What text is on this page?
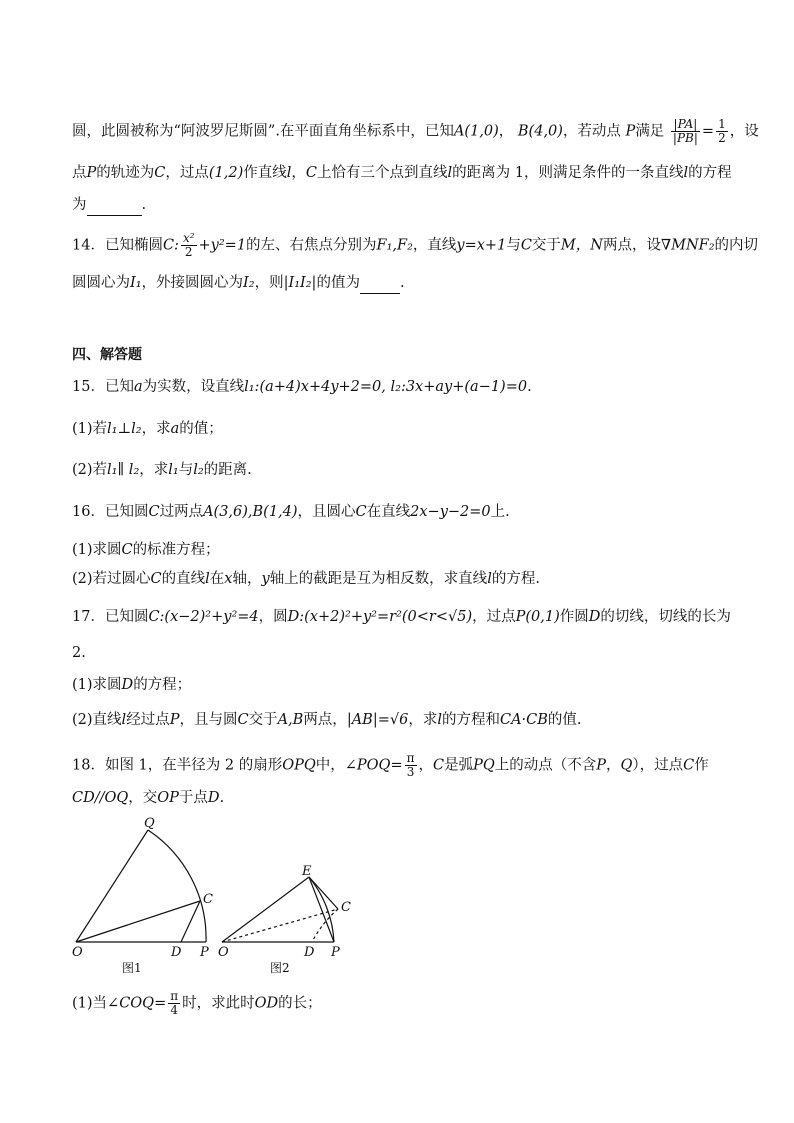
圆，此圆被称为“阿波罗尼斯圆”.在平面直角坐标系中，已知A(1,0)， B(4,0)，若动点 P满足 $\frac{|PA|}{|PB|} = \frac{1}{2}$ ，设
点P的轨迹为C，过点(1,2)作直线l，C上恰有三个点到直线l的距离为 1，则满足条件的一条直线l的方程
为	.
14．已知椭圆C: $\frac{\text{x²}}{2} +y^2=1$的左、右焦点分别为F₁,F₂，直线y=x+1与C交于M，N两点，设∇MNF₂的内切
圆圆心为I₁，外接圆圆心为I₂，则|I₁I₂|的值为	.
四、解答题
15．已知a为实数，设直线l₁:(a+4)x+4y+2=0, l₂:3x+ay+(a−1)=0.
(1)若l₁⊥l₂，求a的值；
(2)若l₁∥ l₂，求l₁与l₂的距离.
16．已知圆C过两点A(3,6),B(1,4)，且圆心C在直线2x−y−2=0上.
(1)求圆C的标准方程；
(2)若过圆心C的直线l在x轴，y轴上的截距是互为相反数，求直线l的方程.
17．已知圆C:(x−2)²+y²=4，圆D:(x+2)²+y²=r²(0<r<√5)，过点P(0,1)作圆D的切线，切线的长为
2.
(1)求圆D的方程；
(2)直线l经过点P，且与圆C交于A,B两点，|AB|=√6，求l的方程和CA·CB的值.
18．如图 1，在半径为 2 的扇形OPQ中，∠POQ= $\frac{\pi}{3}$ ，C是弧PQ上的动点（不含P，Q），过点C作
CD//OQ，交OP于点D.
Q
C
O	D P
图1
E
C
O	D P
图2
(1)当∠COQ= $\frac{\pi}{4}$ 时，求此时OD的长；
